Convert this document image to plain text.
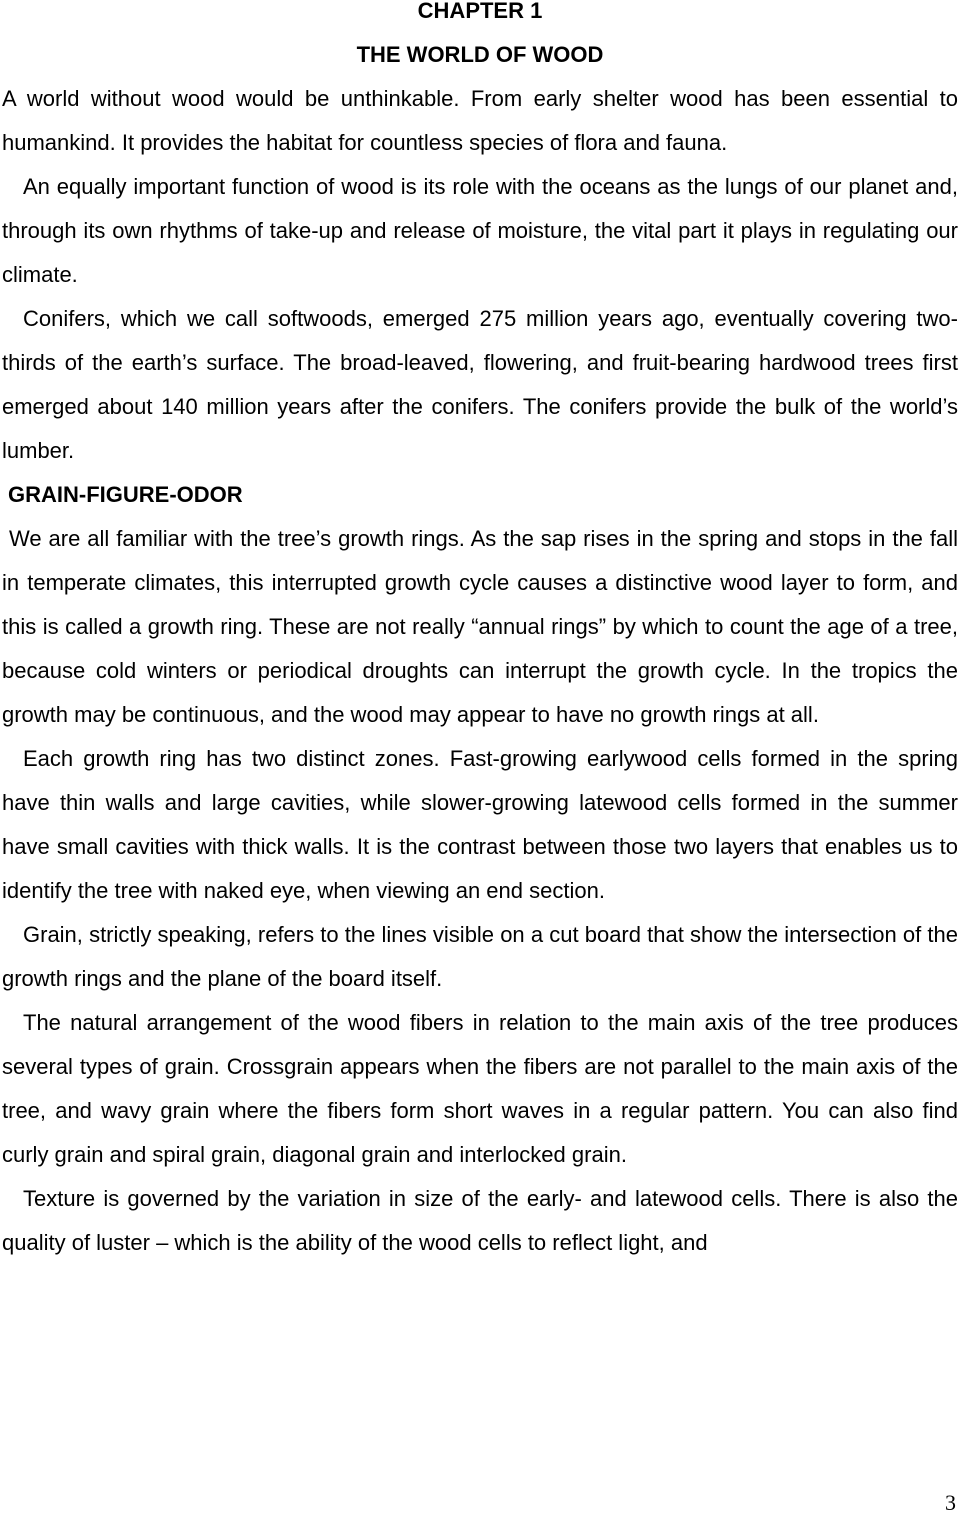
CHAPTER 1

THE WORLD OF WOOD

A world without wood would be unthinkable. From early shelter wood has been essential to humankind. It provides the habitat for countless species of flora and fauna.

An equally important function of wood is its role with the oceans as the lungs of our planet and, through its own rhythms of take-up and release of moisture, the vital part it plays in regulating our climate.

Conifers, which we call softwoods, emerged 275 million years ago, eventually covering two-thirds of the earth’s surface. The broad-leaved, flowering, and fruit-bearing hardwood trees first emerged about 140 million years after the conifers. The conifers provide the bulk of the world’s lumber.

GRAIN-FIGURE-ODOR

We are all familiar with the tree’s growth rings. As the sap rises in the spring and stops in the fall in temperate climates, this interrupted growth cycle causes a distinctive wood layer to form, and this is called a growth ring. These are not really “annual rings” by which to count the age of a tree, because cold winters or periodical droughts can interrupt the growth cycle. In the tropics the growth may be continuous, and the wood may appear to have no growth rings at all.

Each growth ring has two distinct zones. Fast-growing earlywood cells formed in the spring have thin walls and large cavities, while slower-growing latewood cells formed in the summer have small cavities with thick walls. It is the contrast between those two layers that enables us to identify the tree with naked eye, when viewing an end section.

Grain, strictly speaking, refers to the lines visible on a cut board that show the intersection of the growth rings and the plane of the board itself.

The natural arrangement of the wood fibers in relation to the main axis of the tree produces several types of grain. Crossgrain appears when the fibers are not parallel to the main axis of the tree, and wavy grain where the fibers form short waves in a regular pattern. You can also find curly grain and spiral grain, diagonal grain and interlocked grain.

Texture is governed by the variation in size of the early- and latewood cells. There is also the quality of luster – which is the ability of the wood cells to reflect light, and

3
